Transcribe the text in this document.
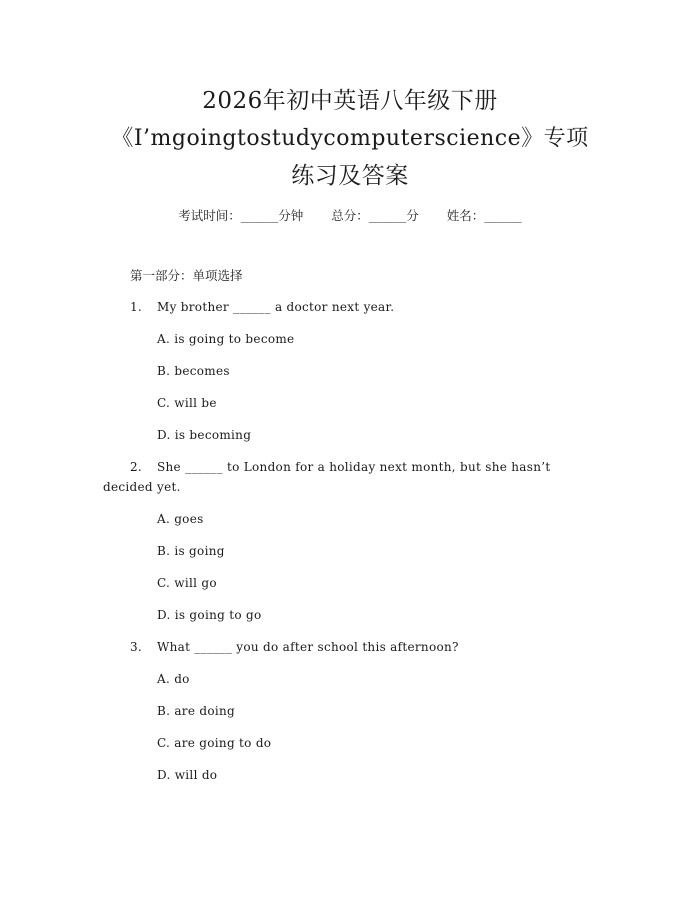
2026年初中英语八年级下册
《I’mgoingtostudycomputerscience》专项
练习及答案
考试时间：______分钟 总分：______分 姓名：______
第一部分：单项选择
1. My brother ______ a doctor next year.
A. is going to become
B. becomes
C. will be
D. is becoming
2. She ______ to London for a holiday next month, but she hasn’t
decided yet.
A. goes
B. is going
C. will go
D. is going to go
3. What ______ you do after school this afternoon?
A. do
B. are doing
C. are going to do
D. will do
